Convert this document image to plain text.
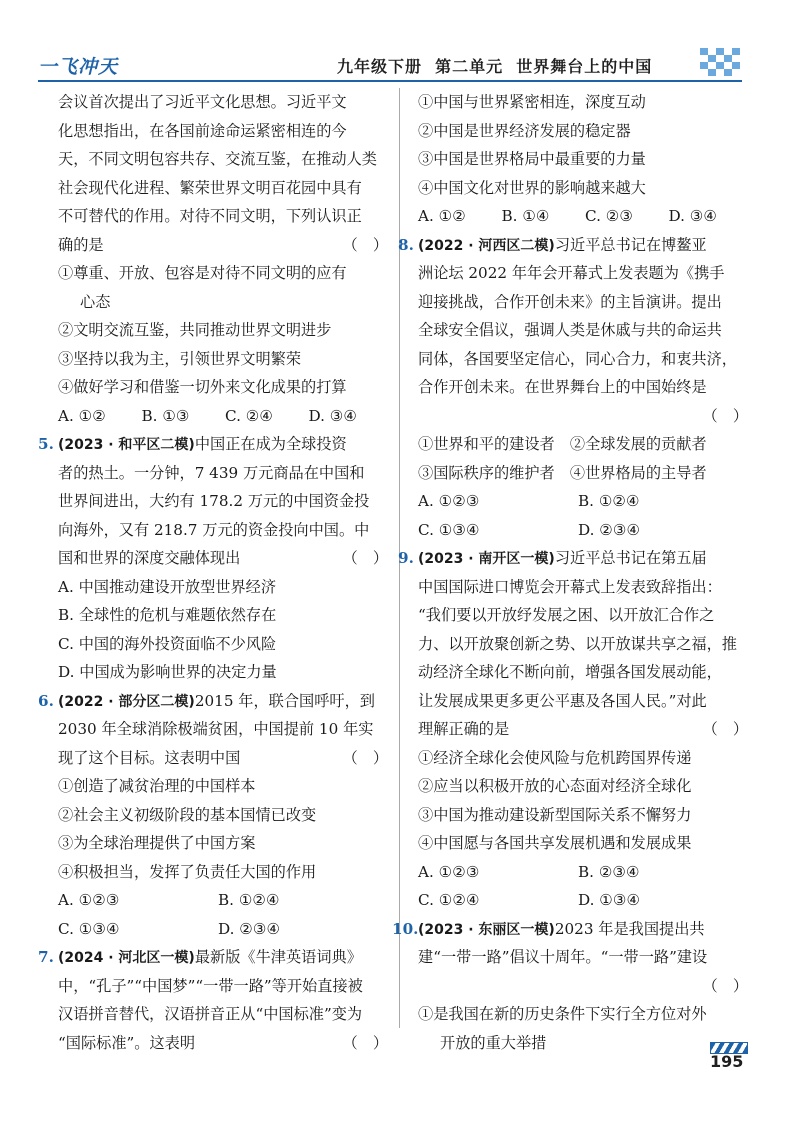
一飞冲天	九年级下册  第二单元  世界舞台上的中国
会议首次提出了习近平文化思想。习近平文
化思想指出，在各国前途命运紧密相连的今
天，不同文明包容共存、交流互鉴，在推动人类
社会现代化进程、繁荣世界文明百花园中具有
不可替代的作用。对待不同文明，下列认识正
确的是	（　）
①尊重、开放、包容是对待不同文明的应有
心态
②文明交流互鉴，共同推动世界文明进步
③坚持以我为主，引领世界文明繁荣
④做好学习和借鉴一切外来文化成果的打算
A. ①②	B. ①③	C. ②④	D. ③④
5. (2023 · 和平区二模)中国正在成为全球投资
者的热土。一分钟，7 439 万元商品在中国和
世界间进出，大约有 178.2 万元的中国资金投
向海外，又有 218.7 万元的资金投向中国。中
国和世界的深度交融体现出	（　）
A. 中国推动建设开放型世界经济
B. 全球性的危机与难题依然存在
C. 中国的海外投资面临不少风险
D. 中国成为影响世界的决定力量
6. (2022 · 部分区二模)2015 年，联合国呼吁，到
2030 年全球消除极端贫困，中国提前 10 年实
现了这个目标。这表明中国	（　）
①创造了减贫治理的中国样本
②社会主义初级阶段的基本国情已改变
③为全球治理提供了中国方案
④积极担当，发挥了负责任大国的作用
A. ①②③	B. ①②④
C. ①③④	D. ②③④
7. (2024 · 河北区一模)最新版《牛津英语词典》
中，“孔子”“中国梦”“一带一路”等开始直接被
汉语拼音替代，汉语拼音正从“中国标准”变为
“国际标准”。这表明	（　）
①中国与世界紧密相连，深度互动
②中国是世界经济发展的稳定器
③中国是世界格局中最重要的力量
④中国文化对世界的影响越来越大
A. ①②	B. ①④	C. ②③	D. ③④
8. (2022 · 河西区二模)习近平总书记在博鳌亚
洲论坛 2022 年年会开幕式上发表题为《携手
迎接挑战，合作开创未来》的主旨演讲。提出
全球安全倡议，强调人类是休戚与共的命运共
同体，各国要坚定信心，同心合力，和衷共济，
合作开创未来。在世界舞台上的中国始终是
（　）
①世界和平的建设者　②全球发展的贡献者
③国际秩序的维护者　④世界格局的主导者
A. ①②③	B. ①②④
C. ①③④	D. ②③④
9. (2023 · 南开区一模)习近平总书记在第五届
中国国际进口博览会开幕式上发表致辞指出：
“我们要以开放纾发展之困、以开放汇合作之
力、以开放聚创新之势、以开放谋共享之福，推
动经济全球化不断向前，增强各国发展动能，
让发展成果更多更公平惠及各国人民。”对此
理解正确的是	（　）
①经济全球化会使风险与危机跨国界传递
②应当以积极开放的心态面对经济全球化
③中国为推动建设新型国际关系不懈努力
④中国愿与各国共享发展机遇和发展成果
A. ①②③	B. ②③④
C. ①②④	D. ①③④
10.(2023 · 东丽区一模)2023 年是我国提出共
建“一带一路”倡议十周年。“一带一路”建设
（　）
①是我国在新的历史条件下实行全方位对外
开放的重大举措
195
